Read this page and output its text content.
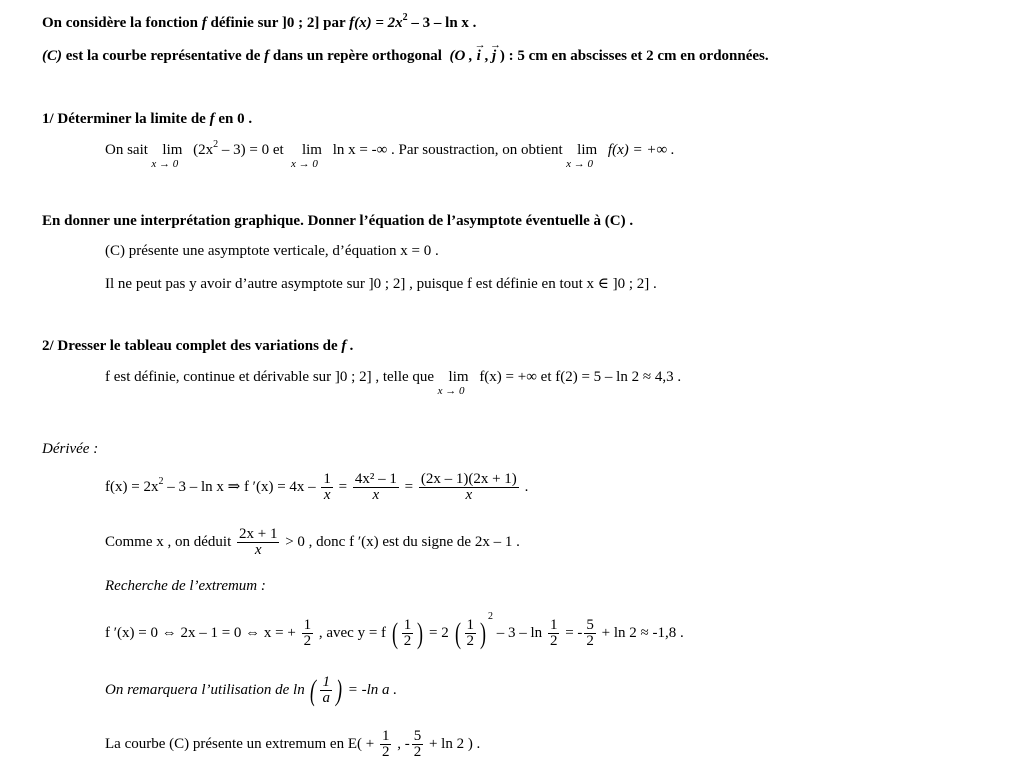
On considère la fonction f définie sur ]0 ; 2] par $f(x) = 2x^2 - 3 - \ln x$ .
(C) est la courbe représentative de f dans un repère orthogonal (O , → i , → j ) : 5 cm en abscisses et 2 cm en ordonnées.
1/ Déterminer la limite de f en 0 .
On sait lim
x → 0
$(2x^2 - 3) = 0$ et lim
x → 0
ln x = -∞ . Par soustraction, on obtient lim
x → 0
f(x) = +∞ .
En donner une interprétation graphique. Donner l’équation de l’asymptote éventuelle à (C) .
(C) présente une asymptote verticale, d’équation x = 0 .
Il ne peut pas y avoir d’autre asymptote sur ]0 ; 2] , puisque f est définie en tout x ∈ ]0 ; 2] .
2/ Dresser le tableau complet des variations de f .
f est définie, continue et dérivable sur ]0 ; 2] , telle que lim
x → 0
f(x) = +∞ et f(2) = 5 – ln 2 ≈ 4,3 .
Dérivée :
$f(x) = 2x^2 - 3 - \ln x$ ⇒ f $'(x) = 4x - \frac{1}{x} = \frac{\text{4x² – 1}}{x} = \frac{(2x - 1)(2x + 1)}{x}$ .
Comme x , on déduit $\frac{2x + 1}{x} > 0$ , donc f ′(x) est du signe de 2x – 1 .
Recherche de l’extremum :
f ′(x) = 0 ⇔ 2x – 1 = 0 ⇔ x = + $\frac{1}{2}$ , avec y = f ( $\frac{1}{2}$ ) = 2 ( $\frac{1}{2} )^2 - 3$ – $\ln \frac{1}{2}$ = - $\frac{5}{2} + \ln 2 \approx -1,8$ .
On remarquera l’utilisation de ln ( $\frac{1}{a}$ ) = -ln a .
La courbe (C) présente un extremum en $E( + \frac{1}{2}$ , - $\frac{5}{2} + \ln 2$ ) .
